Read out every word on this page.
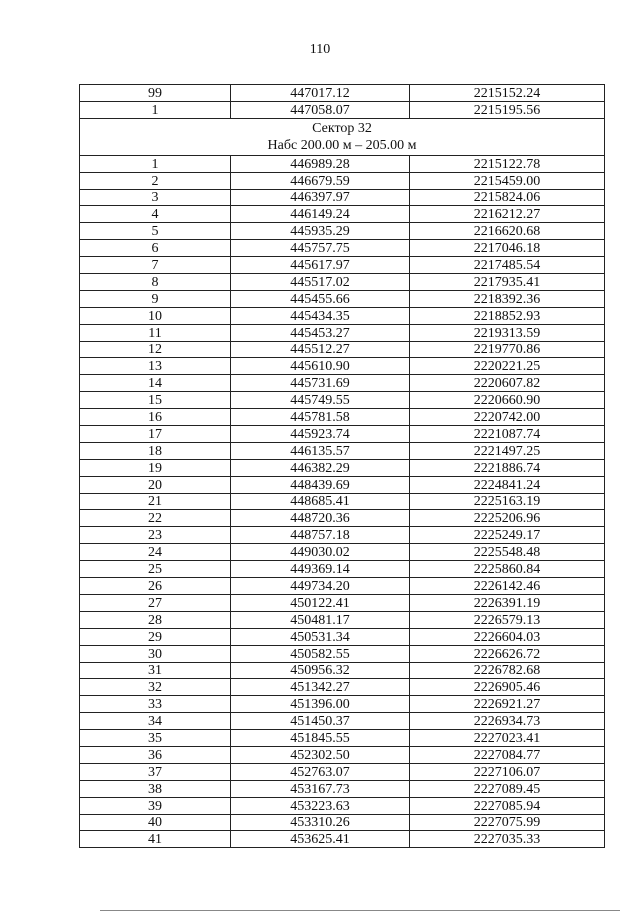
110
99	447017.12	2215152.24
1	447058.07	2215195.56

Сектор 32
Набс 200.00 м – 205.00 м		

1	446989.28	2215122.78
2	446679.59	2215459.00
3	446397.97	2215824.06
4	446149.24	2216212.27
5	445935.29	2216620.68
6	445757.75	2217046.18
7	445617.97	2217485.54
8	445517.02	2217935.41
9	445455.66	2218392.36
10	445434.35	2218852.93
11	445453.27	2219313.59
12	445512.27	2219770.86
13	445610.90	2220221.25
14	445731.69	2220607.82
15	445749.55	2220660.90
16	445781.58	2220742.00
17	445923.74	2221087.74
18	446135.57	2221497.25
19	446382.29	2221886.74
20	448439.69	2224841.24
21	448685.41	2225163.19
22	448720.36	2225206.96
23	448757.18	2225249.17
24	449030.02	2225548.48
25	449369.14	2225860.84
26	449734.20	2226142.46
27	450122.41	2226391.19
28	450481.17	2226579.13
29	450531.34	2226604.03
30	450582.55	2226626.72
31	450956.32	2226782.68
32	451342.27	2226905.46
33	451396.00	2226921.27
34	451450.37	2226934.73
35	451845.55	2227023.41
36	452302.50	2227084.77
37	452763.07	2227106.07
38	453167.73	2227089.45
39	453223.63	2227085.94
40	453310.26	2227075.99
41	453625.41	2227035.33
